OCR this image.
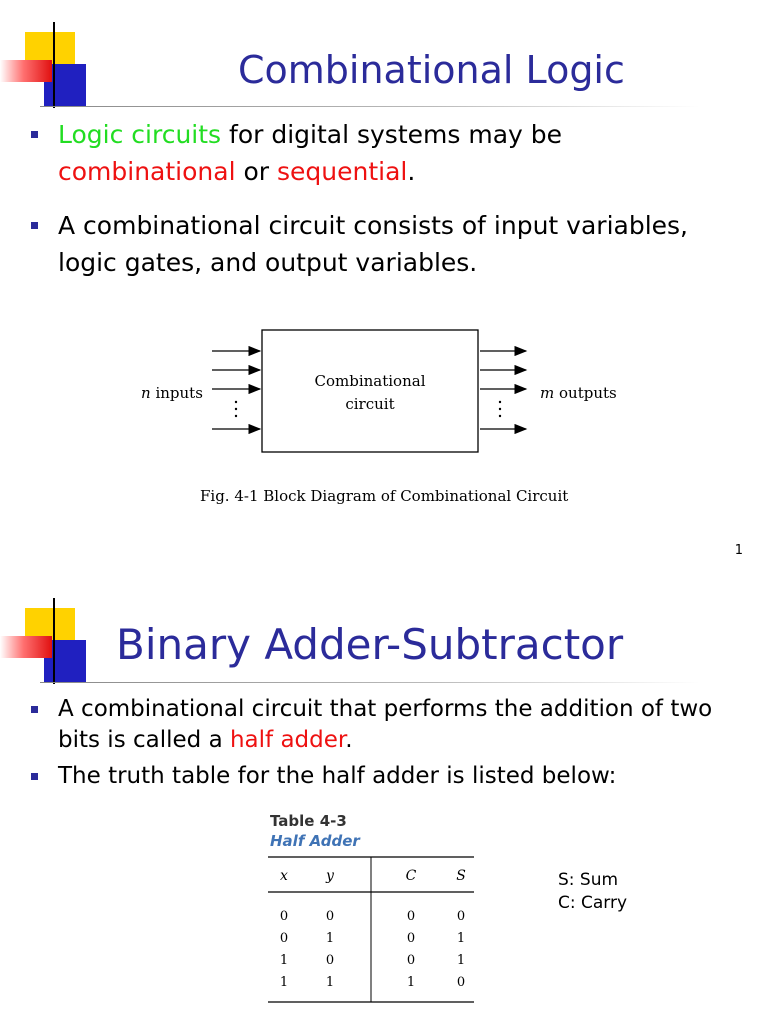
Combinational Logic
Logic circuits for digital systems may be
combinational or sequential.
A combinational circuit consists of input variables, logic gates, and output variables.
Combinational
circuit
n inputs	m outputs
Fig. 4-1 Block Diagram of Combinational Circuit
1
Binary Adder-Subtractor
A combinational circuit that performs the addition of two bits is called a half adder.
The truth table for the half adder is listed below:
Table 4-3
Half Adder
x	y	C	S
0	0	0	0
0	1	0	1
1	0	0	1
1	1	1	0
S: Sum
C: Carry
